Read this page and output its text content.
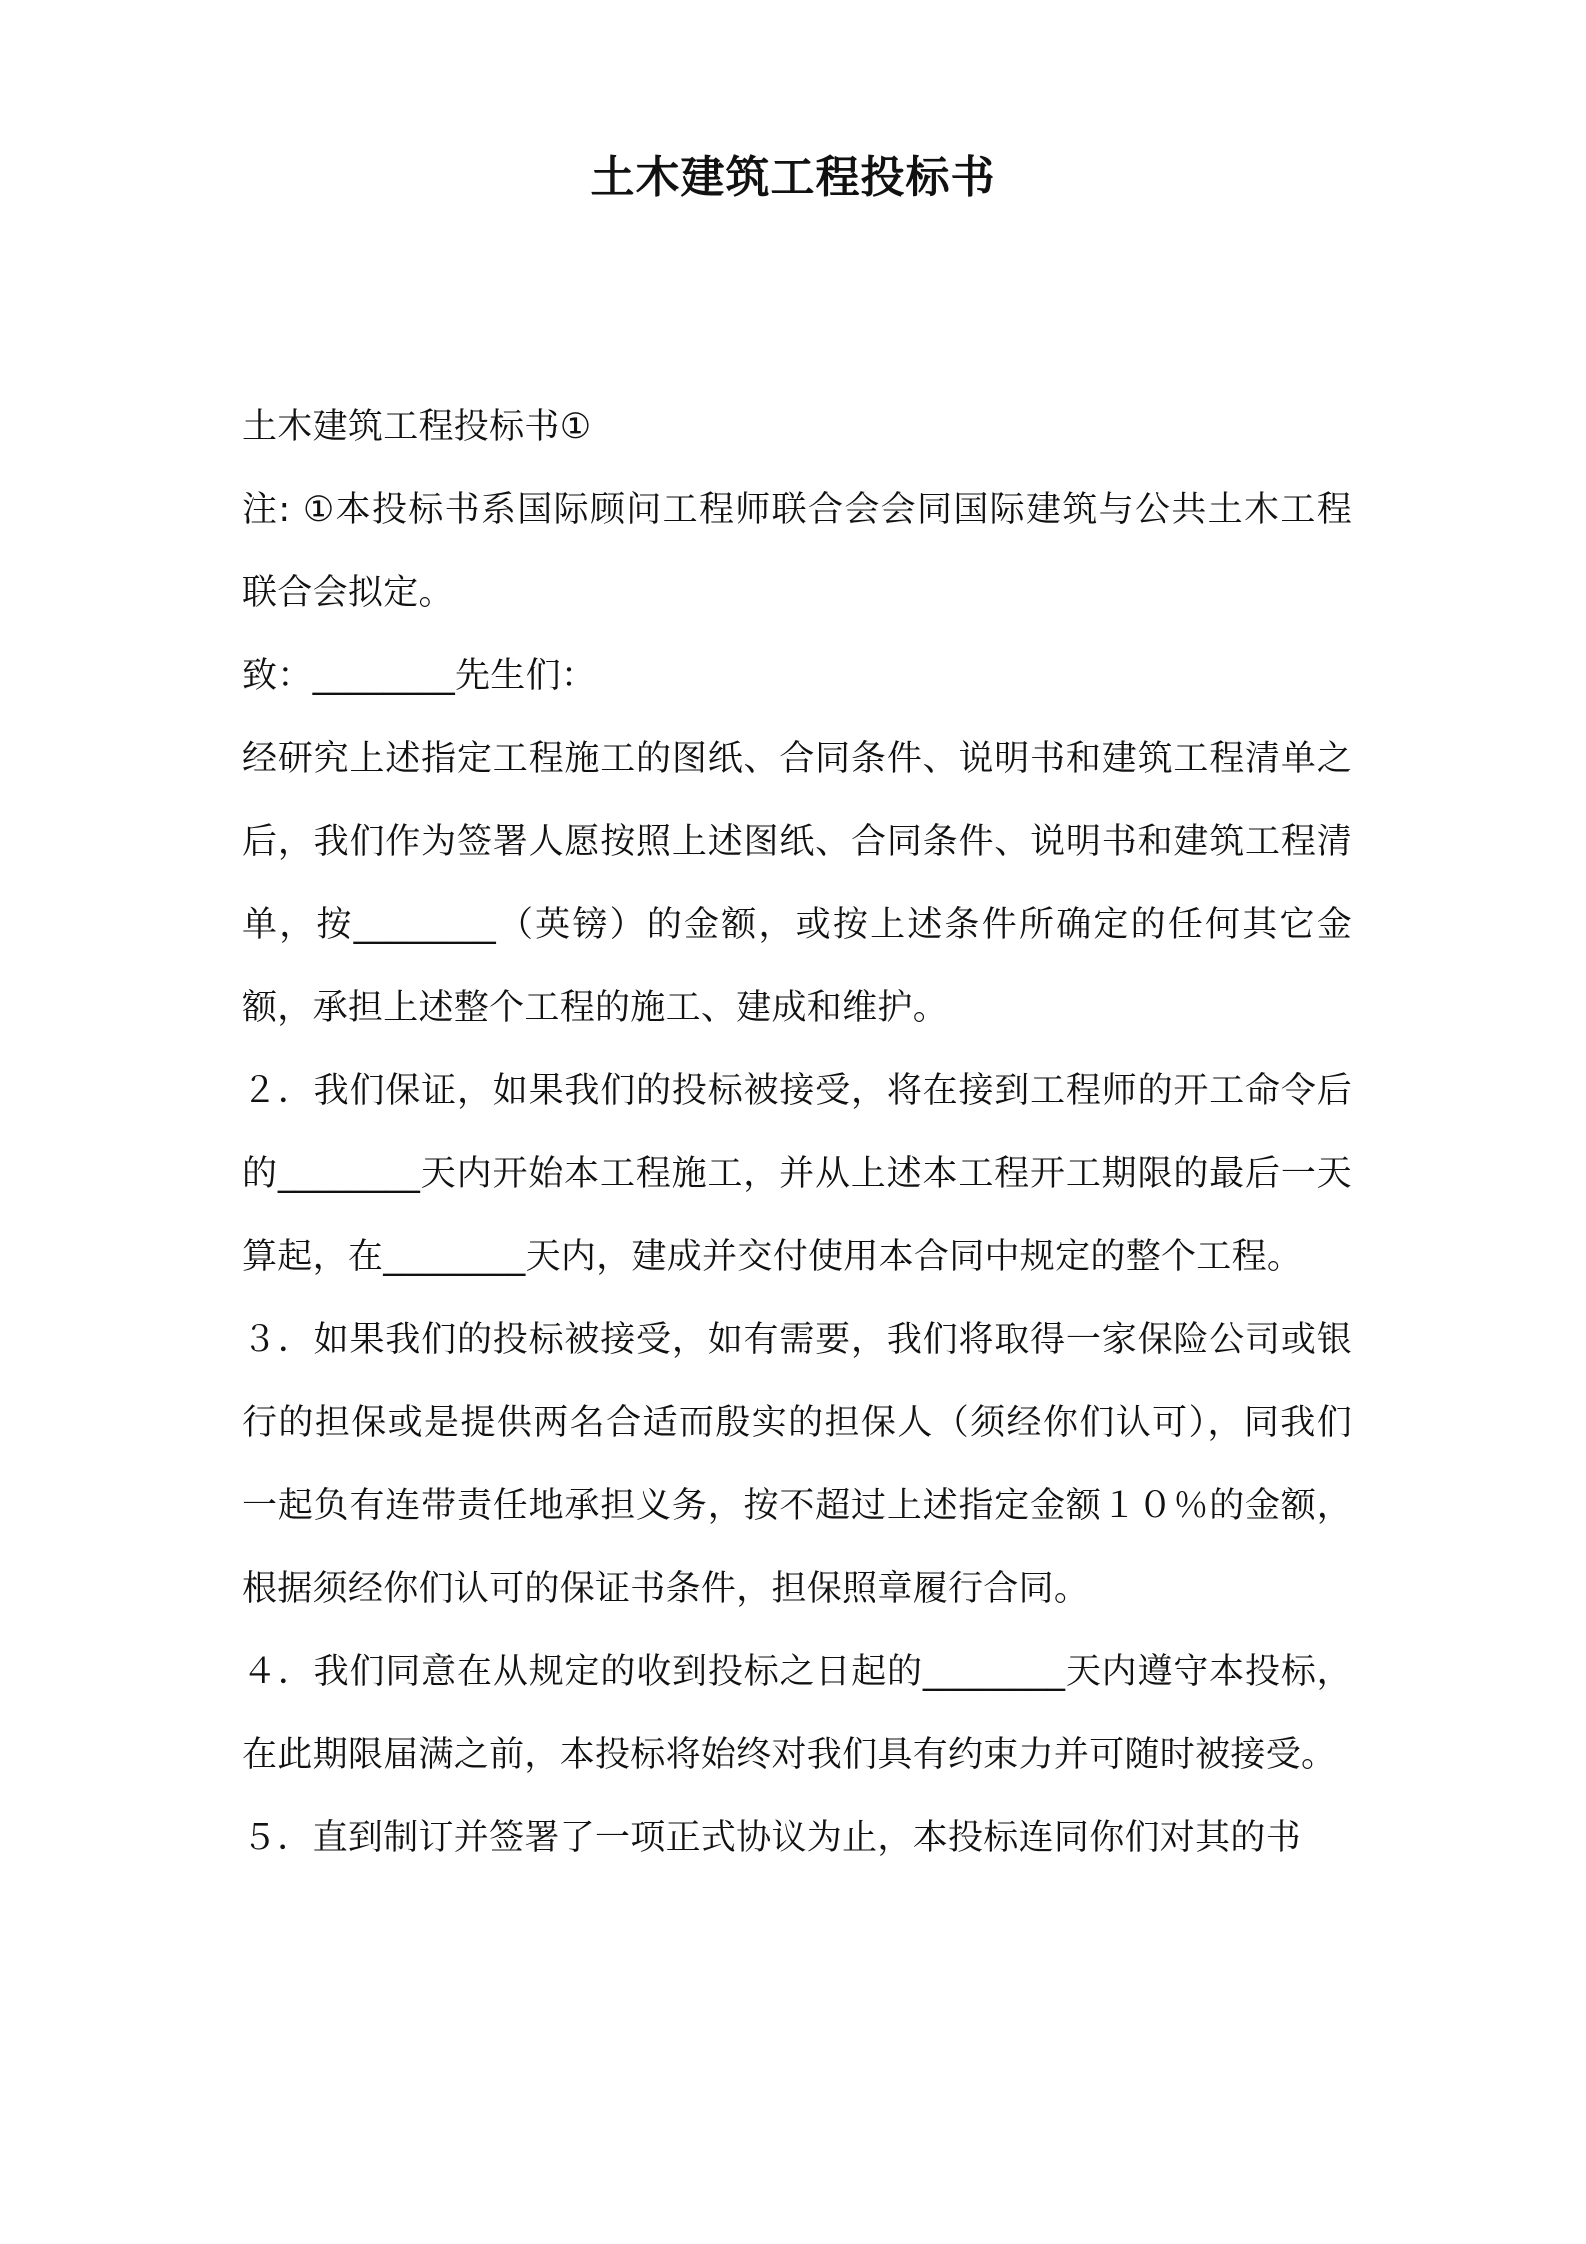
土木建筑工程投标书

土木建筑工程投标书①

注: ①本投标书系国际顾问工程师联合会会同国际建筑与公共土木工程联合会拟定。

致：________先生们：

经研究上述指定工程施工的图纸、合同条件、说明书和建筑工程清单之后，我们作为签署人愿按照上述图纸、合同条件、说明书和建筑工程清单，按________（英镑）的金额，或按上述条件所确定的任何其它金额，承担上述整个工程的施工、建成和维护。

２．我们保证，如果我们的投标被接受，将在接到工程师的开工命令后的________天内开始本工程施工，并从上述本工程开工期限的最后一天算起，在________天内，建成并交付使用本合同中规定的整个工程。

３．如果我们的投标被接受，如有需要，我们将取得一家保险公司或银行的担保或是提供两名合适而殷实的担保人（须经你们认可），同我们一起负有连带责任地承担义务，按不超过上述指定金额１０％的金额，根据须经你们认可的保证书条件，担保照章履行合同。

４．我们同意在从规定的收到投标之日起的________天内遵守本投标，在此期限届满之前，本投标将始终对我们具有约束力并可随时被接受。

５．直到制订并签署了一项正式协议为止，本投标连同你们对其的书
